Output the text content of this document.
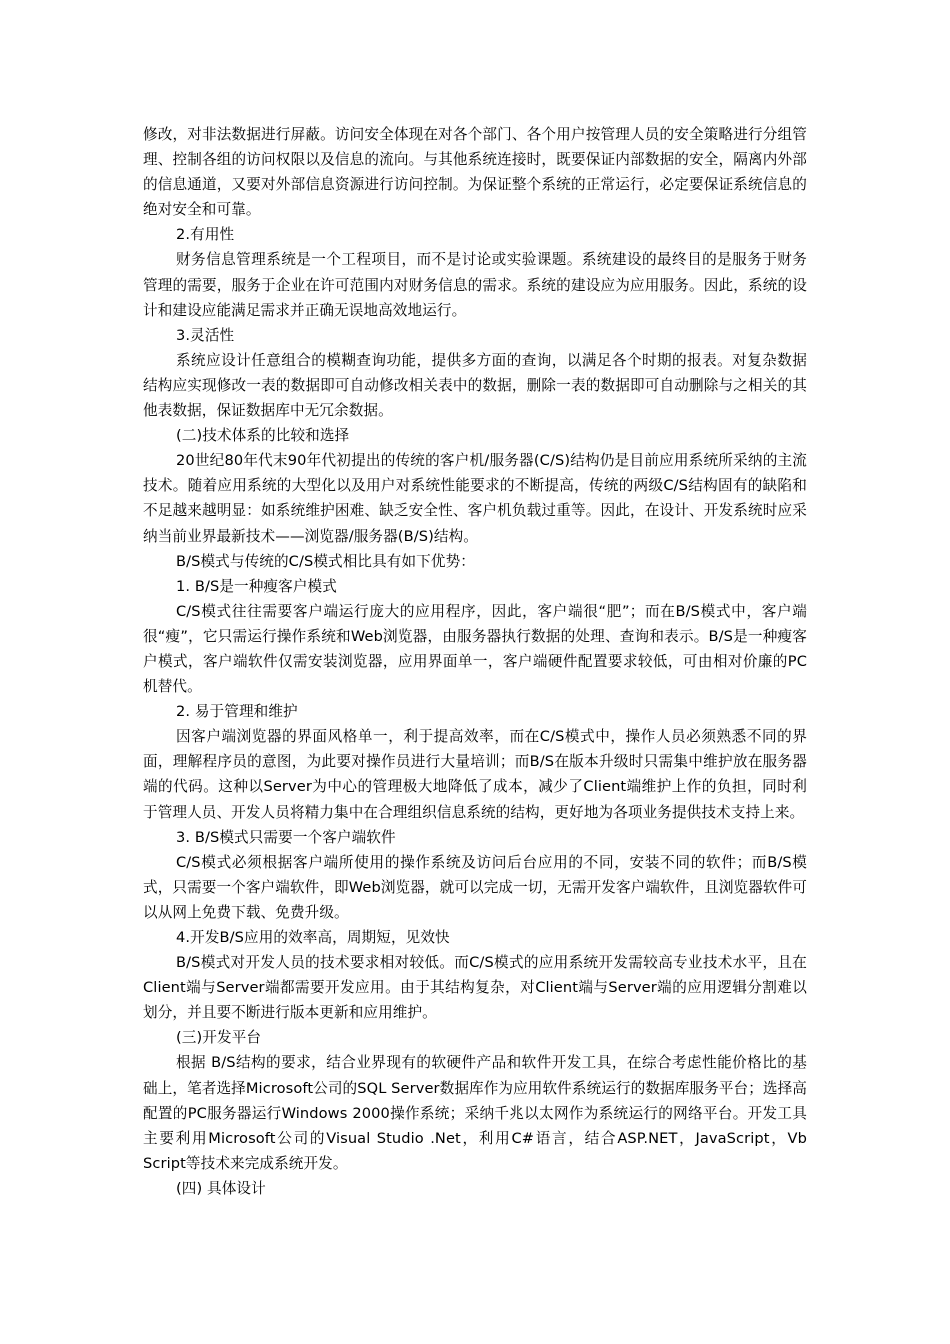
修改，对非法数据进行屏蔽。访问安全体现在对各个部门、各个用户按管理人员的安全策略进行分组管理、控制各组的访问权限以及信息的流向。与其他系统连接时，既要保证内部数据的安全，隔离内外部的信息通道，又要对外部信息资源进行访问控制。为保证整个系统的正常运行，必定要保证系统信息的绝对安全和可靠。

2.有用性

财务信息管理系统是一个工程项目，而不是讨论或实验课题。系统建设的最终目的是服务于财务管理的需要，服务于企业在许可范围内对财务信息的需求。系统的建设应为应用服务。因此，系统的设计和建设应能满足需求并正确无误地高效地运行。

3.灵活性

系统应设计任意组合的模糊查询功能，提供多方面的查询，以满足各个时期的报表。对复杂数据结构应实现修改一表的数据即可自动修改相关表中的数据，删除一表的数据即可自动删除与之相关的其他表数据，保证数据库中无冗余数据。

(二)技术体系的比较和选择

20世纪80年代末90年代初提出的传统的客户机/服务器(C/S)结构仍是目前应用系统所采纳的主流技术。随着应用系统的大型化以及用户对系统性能要求的不断提高，传统的两级C/S结构固有的缺陷和不足越来越明显：如系统维护困难、缺乏安全性、客户机负载过重等。因此，在设计、开发系统时应采纳当前业界最新技术——浏览器/服务器(B/S)结构。

B/S模式与传统的C/S模式相比具有如下优势：

1. B/S是一种瘦客户模式

C/S模式往往需要客户端运行庞大的应用程序，因此，客户端很“肥”；而在B/S模式中，客户端很“瘦”，它只需运行操作系统和Web浏览器，由服务器执行数据的处理、查询和表示。B/S是一种瘦客户模式，客户端软件仅需安装浏览器，应用界面单一，客户端硬件配置要求较低，可由相对价廉的PC机替代。

2. 易于管理和维护

因客户端浏览器的界面风格单一，利于提高效率，而在C/S模式中，操作人员必须熟悉不同的界面，理解程序员的意图，为此要对操作员进行大量培训；而B/S在版本升级时只需集中维护放在服务器端的代码。这种以Server为中心的管理极大地降低了成本，减少了Client端维护上作的负担，同时利于管理人员、开发人员将精力集中在合理组织信息系统的结构，更好地为各项业务提供技术支持上来。

3. B/S模式只需要一个客户端软件

C/S模式必须根据客户端所使用的操作系统及访问后台应用的不同，安装不同的软件；而B/S模式，只需要一个客户端软件，即Web浏览器，就可以完成一切，无需开发客户端软件，且浏览器软件可以从网上免费下载、免费升级。

4.开发B/S应用的效率高，周期短，见效快

B/S模式对开发人员的技术要求相对较低。而C/S模式的应用系统开发需较高专业技术水平，且在Client端与Server端都需要开发应用。由于其结构复杂，对Client端与Server端的应用逻辑分割难以划分，并且要不断进行版本更新和应用维护。

(三)开发平台

根据 B/S结构的要求，结合业界现有的软硬件产品和软件开发工具，在综合考虑性能价格比的基础上，笔者选择Microsoft公司的SQL Server数据库作为应用软件系统运行的数据库服务平台；选择高配置的PC服务器运行Windows 2000操作系统；采纳千兆以太网作为系统运行的网络平台。开发工具主要利用Microsoft公司的Visual Studio .Net，利用C#语言，结合ASP.NET，JavaScript，Vb Script等技术来完成系统开发。

(四) 具体设计
